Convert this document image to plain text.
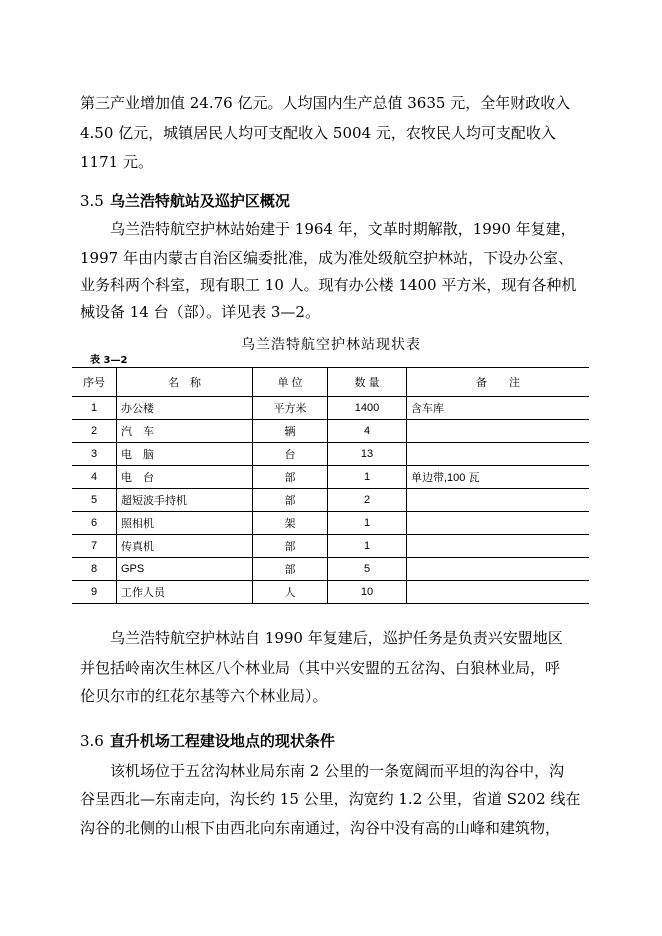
第三产业增加值 24.76 亿元。人均国内生产总值 3635 元，全年财政收入
4.50 亿元，城镇居民人均可支配收入 5004 元，农牧民人均可支配收入
1171 元。
3.5 乌兰浩特航站及巡护区概况
乌兰浩特航空护林站始建于 1964 年，文革时期解散，1990 年复建，
1997 年由内蒙古自治区编委批准，成为准处级航空护林站，下设办公室、
业务科两个科室，现有职工 10 人。现有办公楼 1400 平方米，现有各种机
械设备 14 台（部）。详见表 3—2。
乌兰浩特航空护林站现状表
表 3—2
序号	名　称	单 位	数 量	备　　注
1	办公楼	平方米	1400	含车库
2	汽　车	辆	4	
3	电　脑	台	13	
4	电　台	部	1	单边带,100 瓦
5	超短波手持机	部	2	
6	照相机	架	1	
7	传真机	部	1	
8	GPS	部	5	
9	工作人员	人	10	
乌兰浩特航空护林站自 1990 年复建后，巡护任务是负责兴安盟地区
并包括岭南次生林区八个林业局（其中兴安盟的五岔沟、白狼林业局，呼
伦贝尔市的红花尔基等六个林业局）。
3.6 直升机场工程建设地点的现状条件
该机场位于五岔沟林业局东南 2 公里的一条宽阔而平坦的沟谷中，沟
谷呈西北—东南走向，沟长约 15 公里，沟宽约 1.2 公里，省道 S202 线在
沟谷的北侧的山根下由西北向东南通过，沟谷中没有高的山峰和建筑物，
